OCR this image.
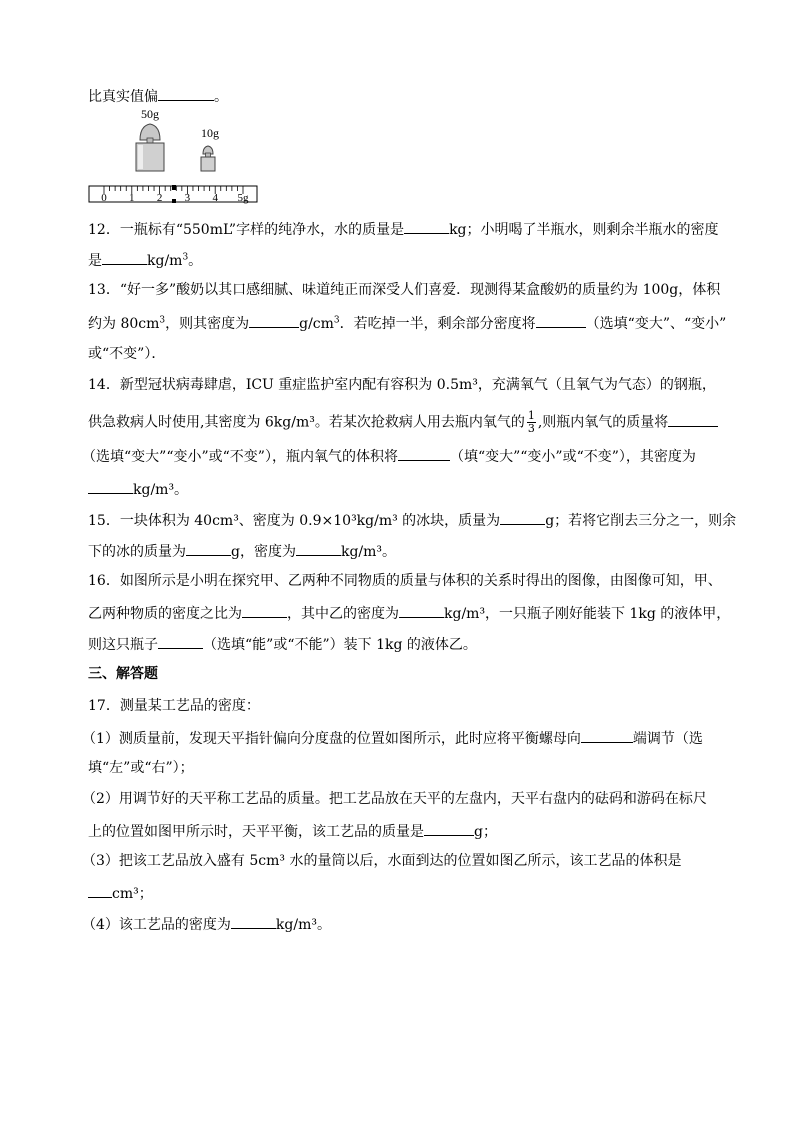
比真实值偏	。
50g
10g
0 1 2 3 4 5g
12．一瓶标有“550mL”字样的纯净水，水的质量是	kg；小明喝了半瓶水，则剩余半瓶水的密度
是	$kg/m^3$。
13．“好一多”酸奶以其口感细腻、味道纯正而深受人们喜爱．现测得某盒酸奶的质量约为 100g，体积
约为 $80cm^3$，则其密度为	$g/cm^3$．若吃掉一半，剩余部分密度将	（选填“变大”、“变小”
或“不变”）．
14．新型冠状病毒肆虐，ICU 重症监护室内配有容积为 0.5m³，充满氧气（且氧气为气态）的钢瓶，
供急救病人时使用,其密度为 6kg/m³。若某次抢救病人用去瓶内氧气的 $\frac{1}{3}$ ,则瓶内氧气的质量将
（选填“变大”“变小”或“不变”），瓶内氧气的体积将	（填“变大”“变小”或“不变”），其密度为
kg/m³。
15．一块体积为 40cm³、密度为 0.9×10³kg/m³ 的冰块，质量为	g；若将它削去三分之一，则余
下的冰的质量为	g，密度为	kg/m³。
16．如图所示是小明在探究甲、乙两种不同物质的质量与体积的关系时得出的图像，由图像可知，甲、
乙两种物质的密度之比为	，其中乙的密度为	kg/m³，一只瓶子刚好能装下 1kg 的液体甲，
则这只瓶子	（选填“能”或“不能”）装下 1kg 的液体乙。
三、解答题
17．测量某工艺品的密度：
（1）测质量前，发现天平指针偏向分度盘的位置如图所示，此时应将平衡螺母向	端调节（选
填“左”或“右”）；
（2）用调节好的天平称工艺品的质量。把工艺品放在天平的左盘内，天平右盘内的砝码和游码在标尺
上的位置如图甲所示时，天平平衡，该工艺品的质量是	g；
（3）把该工艺品放入盛有 5cm³ 水的量筒以后，水面到达的位置如图乙所示，该工艺品的体积是
cm³；
（4）该工艺品的密度为	kg/m³。
